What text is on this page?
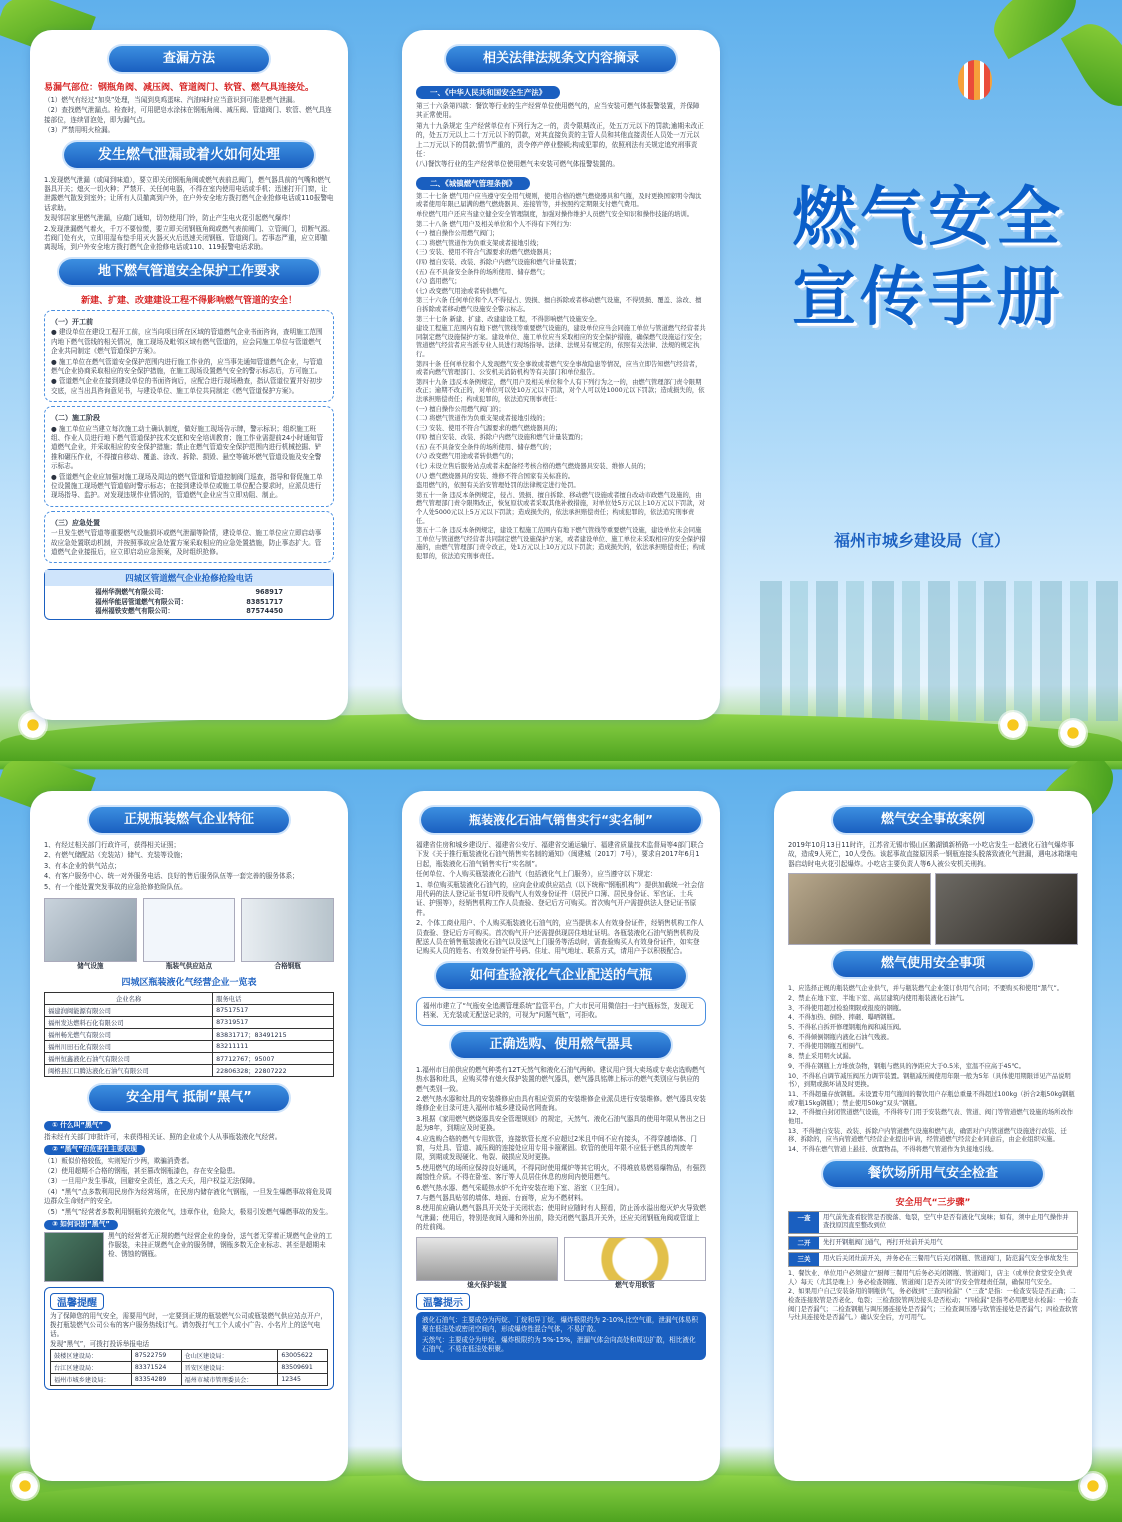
查漏方法
易漏气部位：钢瓶角阀、减压阀、管道阀门、软管、燃气具连接处。

（1）燃气有经过“加臭”处理，当闻到臭鸡蛋味、汽油味时应当意识到可能是燃气泄漏。

（2）查找燃气泄漏点。检查时，可用肥皂水涂抹在钢瓶角阀、减压阀、管道阀门、软管、燃气具连接部位，连续冒泡处，即为漏气点。

（3）严禁用明火检漏。

发生燃气泄漏或着火如何处理

1.发现燃气泄漏（或闻到味道），要立即关闭钢瓶角阀或燃气表前总阀门，燃气器具前的气嘴和燃气器具开关；熄灭一切火种；严禁开、关任何电器，不得在室内使用电话或手机；迅速打开门窗，让泄露燃气散发到室外；让所有人员撤离到户外，在户外安全地方拨打燃气企业抢修电话或110报警电话求助。

发现邻居家里燃气泄漏，应敲门通知，切勿使用门铃，防止产生电火花引起燃气爆炸！

2.发现泄漏燃气着火，千万不要惊慌，要立即关闭钢瓶角阀或燃气表前阀门、立管阀门，切断气源。若阀门处有火，立即用湿布垫手用灭火器灭火后迅速关闭钢瓶、管道阀门。若事态严重，应立即撤离现场，到户外安全地方拨打燃气企业抢修电话或110、119报警电话求助。

地下燃气管道安全保护工作要求
新建、扩建、改建建设工程不得影响燃气管道的安全！
（一）开工前

● 建设单位在建设工程开工前，应当向项目所在区域的管道燃气企业书面咨询，查明施工范围内地下燃气管线的相关情况，施工现场及毗邻区域有燃气管道的，应会同施工单位与管道燃气企业共同制定《燃气管道保护方案》。

● 施工单位在燃气管道安全保护范围内进行施工作业的，应当事先通知管道燃气企业，与管道燃气企业协商采取相应的安全保护措施，在施工现场设置燃气安全的警示标志后，方可施工。

● 管道燃气企业在接到建设单位的书面咨询后，应配合进行现场勘查，指认管道位置并好初步交底，应当出具咨询意见书，与建设单位、施工单位共同制定《燃气管道保护方案》。

（二）施工阶段

● 施工单位应当建立每次施工动土确认制度，做好施工现场告示牌，警示标识；组织施工班组、作业人员进行地下燃气管道保护技术交底和安全培训教育；施工作业需提前24小时通知管道燃气企业，并采取相应的安全保护措施；禁止在燃气管道安全保护范围内进行机械挖掘、铲推和碾压作业，不得擅自移动、覆盖、涂改、拆除、损毁、悬空等破坏燃气管道设施及安全警示标志。

● 管道燃气企业应加强对施工现场及周边的燃气管道和管道控制阀门巡查，指导和督促施工单位设置施工现场燃气管道临时警示标志；在接到建设单位或施工单位配合要求时，应派员进行现场指导、监护。对发现违规作业情况的，管道燃气企业应当立即劝阻、制止。

（三）应急处置

一旦发生燃气管道等重要燃气设施损坏或燃气泄漏等险情，建设单位、施工单位应立即启动事故应急处置联动机制，并按照事故应急处置方案采取相应的应急处置措施，防止事态扩大。管道燃气企业接报后，应立即启动应急预案，及时组织抢修。

四城区管道燃气企业抢修抢险电话
福州华润燃气有限公司：	968917
福州华能居管道燃气有限公司：	83851717
福州福铁安燃气有限公司：	87574450
相关法律法规条文内容摘录
一、《中华人民共和国安全生产法》

第三十六条第四款：餐饮等行业的生产经营单位使用燃气的，应当安装可燃气体报警装置，并保障其正常使用。

第九十九条规定 生产经营单位有下列行为之一的，责令限期改正，处五万元以下的罚款;逾期未改正的，处五万元以上二十万元以下的罚款，对其直接负责的主管人员和其他直接责任人员处一万元以上二万元以下的罚款;情节严重的，责令停产停业整顿;构成犯罪的，依照刑法有关规定追究刑事责任：

(八)餐饮等行业的生产经营单位使用燃气未安装可燃气体报警装置的。

二、《城镇燃气管理条例》

第二十七条 燃气用户应当遵守安全用气规则，使用合格的燃气燃烧器具和气瓶，及时更换国家明令淘汰或者使用年限已届满的燃气燃烧器具、连接管等，并按照约定期限支付燃气费用。

单位燃气用户还应当建立健全安全管理制度，加强对操作维护人员燃气安全知识和操作技能的培训。

第二十八条 燃气用户及相关单位和个人不得有下列行为：

(一) 擅自操作公用燃气阀门；

(二) 将燃气管道作为负重支架或者接地引线；

(三) 安装、使用不符合气源要求的燃气燃烧器具；

(四) 擅自安装、改装、拆除户内燃气设施和燃气计量装置；

(五) 在不具备安全条件的场所使用、储存燃气；

(六) 盗用燃气；

(七) 改变燃气用途或者转供燃气。

第三十六条 任何单位和个人不得侵占、毁损、擅自拆除或者移动燃气设施，不得毁损、覆盖、涂改、擅自拆除或者移动燃气设施安全警示标志。

第三十七条 新建、扩建、改建建设工程，不得影响燃气设施安全。

建设工程施工范围内有地下燃气管线等重要燃气设施的，建设单位应当会同施工单位与管道燃气经营者共同制定燃气设施保护方案。建设单位、施工单位应当采取相应的安全保护措施，确保燃气设施运行安全；管道燃气经营者应当派专业人员进行现场指导。法律、法规另有规定的，依照有关法律、法规的规定执行。

第四十条 任何单位和个人发现燃气安全事故或者燃气安全事故隐患等情况，应当立即告知燃气经营者，或者向燃气管理部门、公安机关消防机构等有关部门和单位报告。

第四十九条 违反本条例规定，燃气用户及相关单位和个人有下列行为之一的，由燃气管理部门责令限期改正；逾期不改正的，对单位可以处10万元以下罚款，对个人可以处1000元以下罚款；造成损失的，依法承担赔偿责任；构成犯罪的，依法追究刑事责任：

(一) 擅自操作公用燃气阀门的；

(二) 将燃气管道作为负重支架或者接地引线的；

(三) 安装、使用不符合气源要求的燃气燃烧器具的；

(四) 擅自安装、改装、拆除户内燃气设施和燃气计量装置的；

(五) 在不具备安全条件的场所使用、储存燃气的；

(六) 改变燃气用途或者转供燃气的；

(七) 未设立售后服务站点或者未配备经考核合格的燃气燃烧器具安装、维修人员的；

(八) 燃气燃烧器具的安装、维修不符合国家有关标准的。

盗用燃气的，依照有关治安管理处罚的法律规定进行处罚。

第五十一条 违反本条例规定，侵占、毁损、擅自拆除、移动燃气设施或者擅自改动市政燃气设施的，由燃气管理部门责令限期改正，恢复原状或者采取其他补救措施，对单位处5万元以上10万元以下罚款，对个人处5000元以上5万元以下罚款；造成损失的，依法承担赔偿责任；构成犯罪的，依法追究刑事责任。

第五十二条 违反本条例规定，建设工程施工范围内有地下燃气管线等重要燃气设施，建设单位未会同施工单位与管道燃气经营者共同制定燃气设施保护方案，或者建设单位、施工单位未采取相应的安全保护措施的，由燃气管理部门责令改正，处1万元以上10万元以下罚款；造成损失的，依法承担赔偿责任；构成犯罪的，依法追究刑事责任。

燃气安全
宣传手册
福州市城乡建设局（宣）
正规瓶装燃气企业特征

1、有经过相关部门行政许可，获得相关证照；

2、有燃气储配站（充装站）储气、充装等设施；

3、有本企业的供气站点；

4、有客户服务中心、统一对外服务电话、良好的售后服务队伍等一套完善的服务体系；

5、有一个能处置突发事故的应急抢修抢险队伍。

储气设施	瓶装气供应站点	合格钢瓶
四城区瓶装液化气经营企业一览表
企业名称	服务电话
福建润闽能源有限公司	87517517
福州发达燃料石化有限公司	87319517
福州畅光燃气有限公司	83831717；83491215
福州川田石化有限公司	83211111
福州恒鑫液化石油气有限公司	87712767；95007
闽榕县江口腾达液化石油气有限公司	22806328；22807222
安全用气 抵制“黑气”
① 什么叫“黑气”

指未经有关部门审批许可，未获得相关证、照的企业或个人从事瓶装液化气经营。

② “黑气”的危害性主要表现

（1）贩似价格较低，实则短斤少两，欺骗消费者。

（2）使用超期不合格的钢瓶，甚至篡改钢瓶漆色，存在安全隐患。

（3）一旦用户发生事故，回避安全责任，逃之夭夭，用户权益无法保障。

（4）“黑气”点多数利用民房作为经营场所，在民房内储存液化气钢瓶，一旦发生爆燃事故将危及周边群众生命财产的安全。

（5）“黑气”经营者多数利用钢瓶转充液化气，违章作业，危险大，极易引发燃气爆燃事故的发生。

③ 如何识别“黑气”

黑气的经营者无正规的燃气经营企业的身份，送气者无穿着正规燃气企业的工作服装，未挂正规燃气企业的服务牌，钢瓶多数无企业标志、甚至是超期未检、锈蚀的钢瓶。

温馨提醒
为了保障您的用气安全，需要用气时，一定要到正规的瓶装燃气公司或瓶装燃气供应站点开户，拨打瓶装燃气公司公布的客户服务热线订气。请勿拨打气工个人或小广告、小名片上的送气电话。
发现“黑气”，可拨打投诉举报电话
鼓楼区建设局：	87522759	仓山区建设局：	63005622
台江区建设局：	83371524	晋安区建设局：	83509691
福州市城乡建设局：	83354289	福州市城市管理委员会：	12345
瓶装液化石油气销售实行“实名制”

福建省住房和城乡建设厅、福建省公安厅、福建省交通运输厅、福建省质量技术监督局等4部门联合下发《关于推行瓶装液化石油气销售实名制的通知》（闽建城〔2017〕7号），要求自2017年6月1日起，瓶装液化石油气销售实行“实名制”。

任何单位、个人购买瓶装液化石油气（包括液化气上门服务），应当遵守以下规定：

1、单位购买瓶装液化石油气的，应向企业或供应站点（以下统称“钢瓶机构”）提供加载统一社会信用代码的法人登记证书复印件及购气人有效身份证件（居民户口簿、居民身份证、军官证、士兵证、护照等），经销售机构工作人员查验、登记后方可购买。首次购气开户需提供法人登记证书原件。

2、个体工商业用户、个人购买瓶装液化石油气的，应当提供本人有效身份证件，经销售机构工作人员查验、登记后方可购买。首次购气开户还需提供现居住地址证明。各瓶装液化石油气销售机构及配送人员在销售瓶装液化石油气以及送气上门服务等活动时，需查验购买人有效身份证件，如实登记购买人员的姓名、有效身份证件号码、住址、用气地址、联系方式，请用户予以积极配合。

如何查验液化气企业配送的气瓶
福州市建立了“气瓶安全追溯管理系统”监管平台，广大市民可用微信扫一扫气瓶标签，发现无档案、无充装或无配送记录的，可视为“问题气瓶”，可拒收。
正确选购、使用燃气器具

1.福州市目前供应的燃气种类有12T天然气和液化石油气两种。建议用户到大卖场或专卖店选购燃气热水器和灶具，应购买带有熄火保护装置的燃气器具，燃气器具铭牌上标示的燃气类别应与供应的燃气类别一致。

2.燃气热水器和灶具的安装维修应由具有相应资质的安装维修企业派员进行安装维修。燃气器具安装维修企业目录可进入福州市城乡建设局官网查询。

3.根据《家用燃气燃烧器具安全管理规则》的规定，天然气、液化石油气器具的使用年限从售出之日起为8年，到期应及时更换。

4.应选购合格的燃气专用软管，连接软管长度不应超过2米且中间不应有接头，不得穿越墙体、门窗，与灶具、管道、减压阀的连接处应用专用卡箍紧固。软管的使用年限不应低于燃具的判废年限，到期或发现硬化、龟裂、破损应及时更换。

5.使用燃气的场所应保持良好通风，不得同时使用煤炉等其它明火，不得堆放易燃易爆物品，有强烈腐蚀性介质。不得在卧室、客厅等人员居住休息的房间内使用燃气。

6.燃气热水器、燃气采暖热水炉不允许安装在地下室、浴室（卫生间）。

7.与燃气器具贴邻的墙体、地面、台面等，应为不燃材料。

8.使用前应确认燃气器具开关处于关闭状态；使用时应随时有人照看，防止汤水溢出熄灭炉火导致燃气泄漏；使用后，特别是夜间入睡和外出前，除关闭燃气器具开关外，还应关闭钢瓶角阀或管道上的灶前阀。

熄火保护装置	燃气专用软管
温馨提示

液化石油气：主要成分为丙烷、丁烷和异丁烷，爆炸极限约为 2-10%,比空气重，泄漏气体易积聚在低洼处或密闭空间内，形成爆炸性混合气体，不易扩散。

天然气：主要成分为甲烷，爆炸极限约为 5%-15%，泄漏气体会向高处和周边扩散，相比液化石油气，不易在低洼处积聚。

燃气安全事故案例
2019年10月13日11时许，江苏省无锡市锡山区鹅湖镇新桥路一小吃店发生一起液化石油气爆炸事故，造成9人死亡，10人受伤。该起事故直接原因系一钢瓶连接头脱落致液化气泄漏，遇电冰箱继电器启动时电火花引起爆炸。小吃店主要负责人等6人被公安机关刑拘。
燃气使用安全事项

1、应选择正规的瓶装燃气企业供气，并与瓶装燃气企业签订供用气合同；不要购买和使用“黑气”。

2、禁止在地下室、半地下室、高层建筑内使用瓶装液化石油气。

3、不得使用超过检验期限或报废的钢瓶。

4、不得加热、倒卧、摔砸、曝晒钢瓶。

5、不得私自拆开修理钢瓶角阀和减压阀。

6、不得倾倒钢瓶内液化石油气残液。

7、不得使用钢瓶互相倒气。

8、禁止采用明火试漏。

9、不得在钢瓶上方堆放杂物，钢瓶与燃具的净距应大于0.5米，室温不应高于45℃。

10、不得私自调节减压阀压力调节装置。钢瓶减压阀使用年限一般为5年（具体使用期限详见产品说明书），到期或损坏请及时更换。

11、不得超量存放钢瓶。未设置专用气瓶间的餐饮用户存瓶总重量不得超过100kg（折合2瓶50kg钢瓶或7瓶15kg钢瓶）；禁止使用50kg“双头”钢瓶。

12、不得擅自封闭管道燃气设施，不得将专门用于安装燃气表、管道、阀门等管道燃气设施的场所改作他用。

13、不得擅自安装、改装、拆除户内管道燃气设施和燃气表，确需对户内管道燃气设施进行改装、迁移、拆除的，应当向管道燃气经营企业提出申请，经管道燃气经营企业同意后，由企业组织实施。

14、不得在燃气管道上悬挂、放置物品，不得将燃气管道作为负接地引线。

餐饮场所用气安全检查
安全用气“三步骤”
一查	用气前先查看胶管是否脱落、龟裂，空气中是否有液化气臭味；如有，须中止用气操作并查找原因直至整改到位
二开	先打开钢瓶阀门通气，再打开灶前开关用气
三关	用火后关闭灶前开关，并务必在三餐用气后关闭钢瓶、管道阀门，防范漏气安全事故发生

1、餐饮业、单位用户必须建立“厨师三餐用气后务必关闭钢瓶、管道阀门，店主（或单位食堂安全负责人）每天（尤其是晚上）务必检查钢瓶、管道阀门是否关闭”的安全管理责任制，确保用气安全。

2、如果用户自己安装备用的钢瓶供气，务必做到“三查四检漏”（“三查”是指：一检查安装是否正确；二检查连接胶管是否老化、龟裂；三检查胶管两边接头是否松动；“四检漏”是指考必用肥皂水检漏：一检查阀门是否漏气；二检查钢瓶与调压器连接处是否漏气；三检查调压器与软管连接处是否漏气；四检查软管与灶具连接处是否漏气。）确认安全后，方可用气。
